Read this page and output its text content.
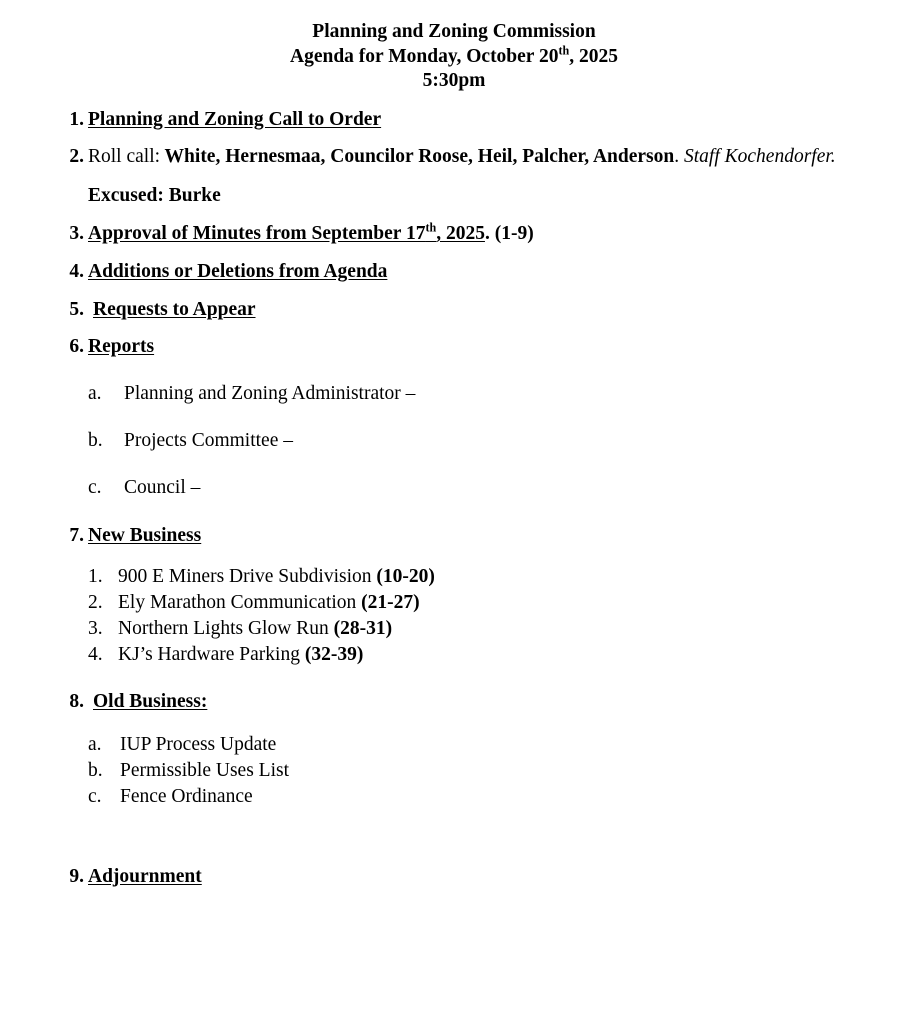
Planning and Zoning Commission
Agenda for Monday, October 20th, 2025
5:30pm
1. Planning and Zoning Call to Order
2. Roll call: White, Hernesmaa, Councilor Roose, Heil, Palcher, Anderson. Staff Kochendorfer.
Excused: Burke
3. Approval of Minutes from September 17th, 2025. (1-9)
4. Additions or Deletions from Agenda
5. Requests to Appear
6. Reports
a.	Planning and Zoning Administrator –
b.	Projects Committee –
c.	Council –
7. New Business
1. 900 E Miners Drive Subdivision (10-20)
2. Ely Marathon Communication (21-27)
3. Northern Lights Glow Run (28-31)
4. KJ’s Hardware Parking (32-39)
8. Old Business:
a. IUP Process Update
b. Permissible Uses List
c. Fence Ordinance
9. Adjournment
